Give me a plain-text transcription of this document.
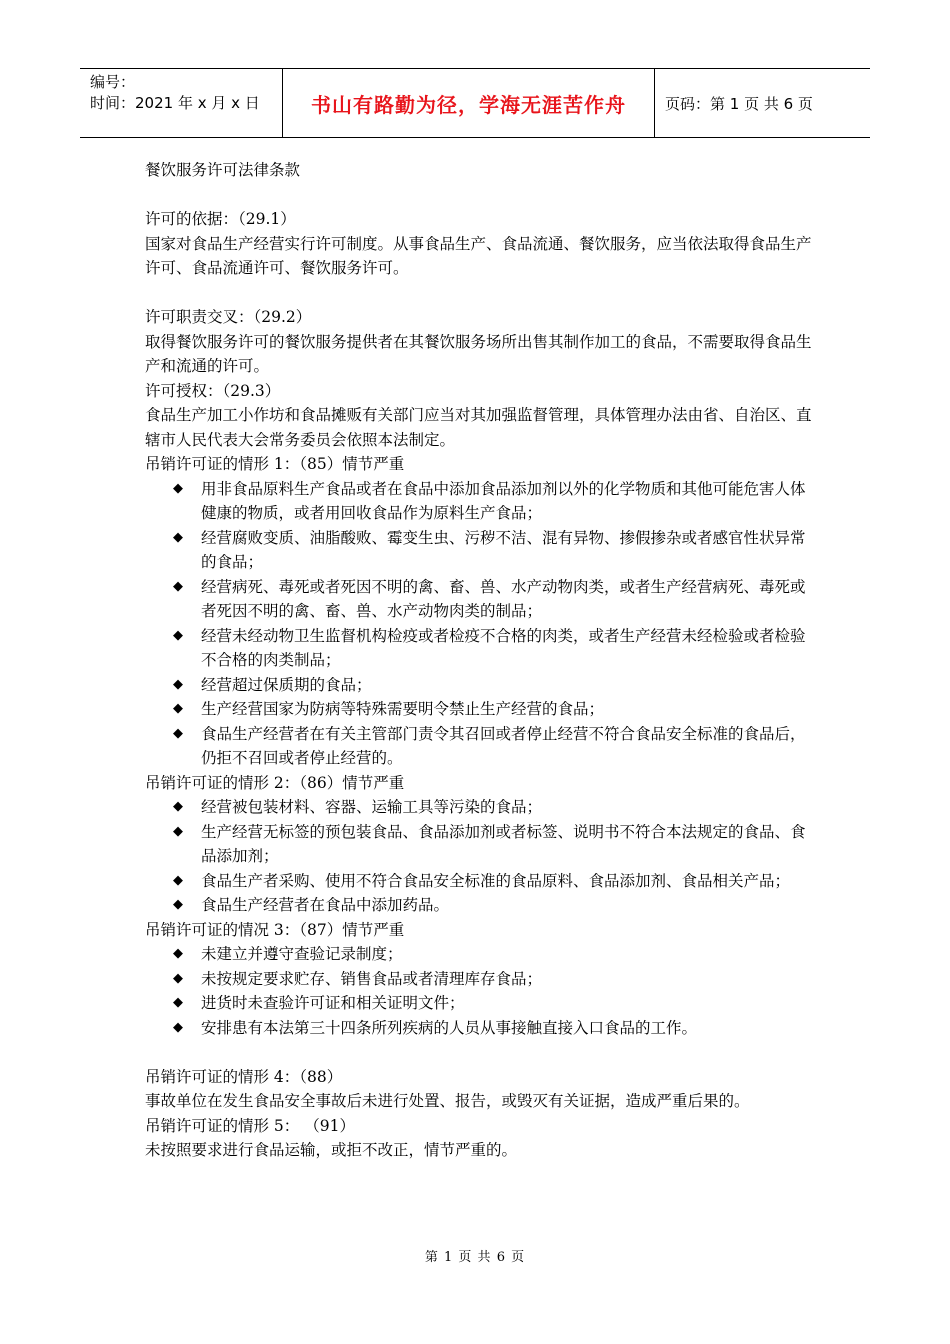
编号：
时间：2021 年 x 月 x 日	书山有路勤为径，学海无涯苦作舟	页码：第 1 页 共 6 页

餐饮服务许可法律条款

许可的依据：（29.1）

国家对食品生产经营实行许可制度。从事食品生产、食品流通、餐饮服务，应当依法取得食品生产许可、食品流通许可、餐饮服务许可。

许可职责交叉：（29.2）

取得餐饮服务许可的餐饮服务提供者在其餐饮服务场所出售其制作加工的食品，不需要取得食品生产和流通的许可。

许可授权：（29.3）

食品生产加工小作坊和食品摊贩有关部门应当对其加强监督管理，具体管理办法由省、自治区、直辖市人民代表大会常务委员会依照本法制定。

吊销许可证的情形 1：（85）情节严重

◆ 用非食品原料生产食品或者在食品中添加食品添加剂以外的化学物质和其他可能危害人体健康的物质，或者用回收食品作为原料生产食品；
◆ 经营腐败变质、油脂酸败、霉变生虫、污秽不洁、混有异物、掺假掺杂或者感官性状异常的食品；
◆ 经营病死、毒死或者死因不明的禽、畜、兽、水产动物肉类，或者生产经营病死、毒死或者死因不明的禽、畜、兽、水产动物肉类的制品；
◆ 经营未经动物卫生监督机构检疫或者检疫不合格的肉类，或者生产经营未经检验或者检验不合格的肉类制品；
◆ 经营超过保质期的食品；
◆ 生产经营国家为防病等特殊需要明令禁止生产经营的食品；
◆ 食品生产经营者在有关主管部门责令其召回或者停止经营不符合食品安全标准的食品后，仍拒不召回或者停止经营的。

吊销许可证的情形 2：（86）情节严重

◆ 经营被包装材料、容器、运输工具等污染的食品；
◆ 生产经营无标签的预包装食品、食品添加剂或者标签、说明书不符合本法规定的食品、食品添加剂；
◆ 食品生产者采购、使用不符合食品安全标准的食品原料、食品添加剂、食品相关产品；
◆ 食品生产经营者在食品中添加药品。

吊销许可证的情况 3：（87）情节严重

◆ 未建立并遵守查验记录制度；
◆ 未按规定要求贮存、销售食品或者清理库存食品；
◆ 进货时未查验许可证和相关证明文件；
◆ 安排患有本法第三十四条所列疾病的人员从事接触直接入口食品的工作。

吊销许可证的情形 4：（88）

事故单位在发生食品安全事故后未进行处置、报告，或毁灭有关证据，造成严重后果的。

吊销许可证的情形 5： （91）

未按照要求进行食品运输，或拒不改正，情节严重的。

第 1 页 共 6 页
